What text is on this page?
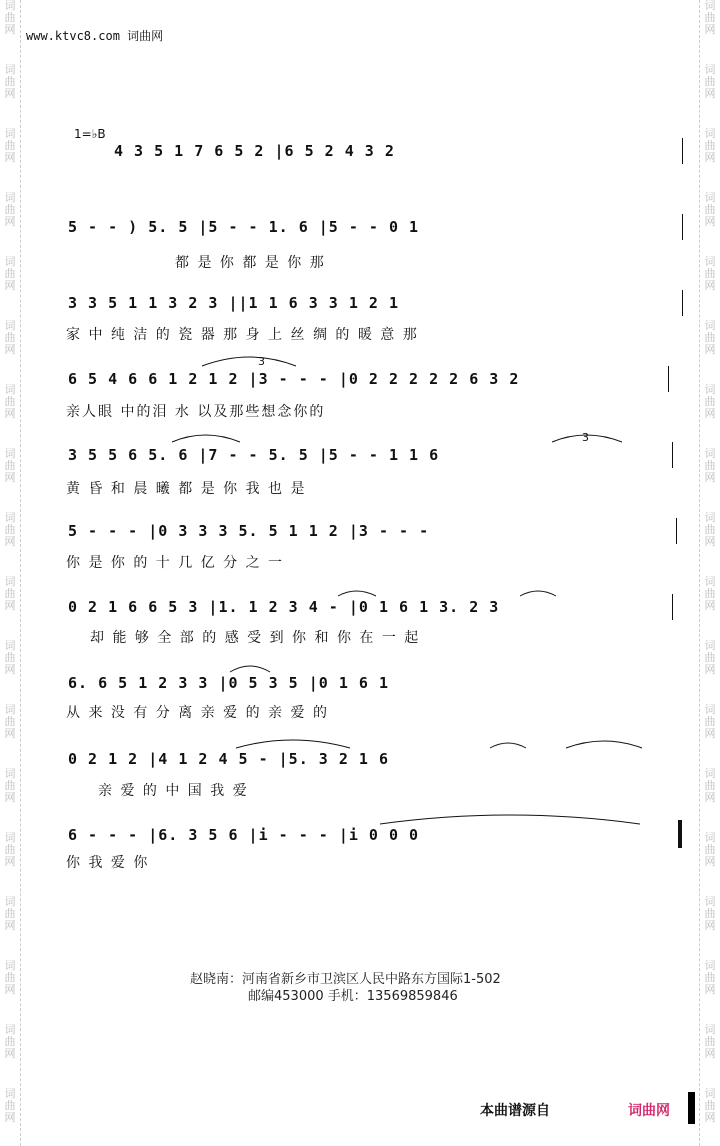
词曲网
词曲网
词曲网
词曲网
词曲网
词曲网
词曲网
词曲网
词曲网
词曲网
词曲网
词曲网
词曲网
词曲网
词曲网
词曲网
词曲网
词曲网
词曲网
词曲网
词曲网
词曲网
词曲网
词曲网
词曲网
词曲网
词曲网
词曲网
词曲网
词曲网
词曲网
词曲网
词曲网
词曲网
词曲网
词曲网
www.ktvc8.com 词曲网
1=♭B
4 3 5 1 7 6 5 2 |6 5 2 4 3 2
5 - - ) 5. 5 |5 - - 1. 6 |5 - - 0 1
都 是 你 都 是 你 那
3 3 5 1 1 3 2 3 ||1 1 6 3 3 1 2 1
家 中 纯 洁 的 瓷 器 那 身 上 丝 绸 的 暖 意 那
6 5 4 6 6 1 2 1 2 |3 - - - |0 2 2 2 2 2 6 3 2
亲人眼 中的泪 水 以及那些想念你的
3 5 5 6 5. 6 |7 - - 5. 5 |5 - - 1 1 6
黄 昏 和 晨 曦 都 是 你 我 也 是
5 - - - |0 3 3 3 5. 5 1 1 2 |3 - - -
你 是 你 的 十 几 亿 分 之 一
0 2 1 6 6 5 3 |1. 1 2 3 4 - |0 1 6 1 3. 2 3
却 能 够 全 部 的 感 受 到 你 和 你 在 一 起
6. 6 5 1 2 3 3 |0 5 3 5 |0 1 6 1
从 来 没 有 分 离 亲 爱 的 亲 爱 的
0 2 1 2 |4 1 2 4 5 - |5. 3 2 1 6
亲 爱 的 中 国 我 爱
6 - - - |6. 3 5 6 |i - - - |i 0 0 0
你 我 爱 你
3
3
赵晓南：河南省新乡市卫滨区人民中路东方国际1-502
邮编453000 手机：13569859846
本曲谱源自	词曲网
